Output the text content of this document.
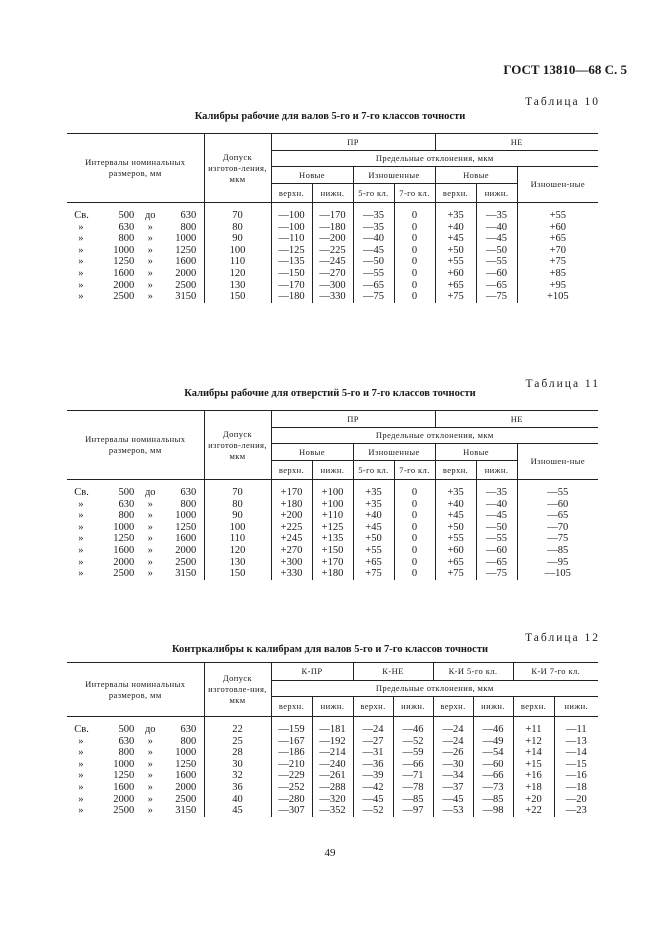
ГОСТ 13810—68 С. 5
Таблица 10
Калибры рабочие для валов 5-го и 7-го классов точности
Интервалы номинальных размеров, мм	Допуск изготов-ления, мкм	ПР				НЕ		
		Предельные отклонения, мкм						
		Новые		Изношенные		Новые		Изношен-ные
		верхн.	нижн.	5-го кл.	7-го кл.	верхн.	нижн.	

Св. 500 до 630	70	—100	—170	—35	0	+35	—35	+55
» 630 » 800	80	—100	—180	—35	0	+40	—40	+60
» 800 » 1000	90	—110	—200	—40	0	+45	—45	+65
» 1000 » 1250	100	—125	—225	—45	0	+50	—50	+70
» 1250 » 1600	110	—135	—245	—50	0	+55	—55	+75
» 1600 » 2000	120	—150	—270	—55	0	+60	—60	+85
» 2000 » 2500	130	—170	—300	—65	0	+65	—65	+95
» 2500 » 3150	150	—180	—330	—75	0	+75	—75	+105
Таблица 11
Калибры рабочие для отверстий 5-го и 7-го классов точности
Интервалы номинальных размеров, мм	Допуск изготов-ления, мкм	ПР				НЕ		
		Предельные отклонения, мкм						
		Новые		Изношенные		Новые		Изношен-ные
		верхн.	нижн.	5-го кл.	7-го кл.	верхн.	нижн.	

Св. 500 до 630	70	+170	+100	+35	0	+35	—35	—55
» 630 » 800	80	+180	+100	+35	0	+40	—40	—60
» 800 » 1000	90	+200	+110	+40	0	+45	—45	—65
» 1000 » 1250	100	+225	+125	+45	0	+50	—50	—70
» 1250 » 1600	110	+245	+135	+50	0	+55	—55	—75
» 1600 » 2000	120	+270	+150	+55	0	+60	—60	—85
» 2000 » 2500	130	+300	+170	+65	0	+65	—65	—95
» 2500 » 3150	150	+330	+180	+75	0	+75	—75	—105
Таблица 12
Контркалибры к калибрам для валов 5-го и 7-го классов точности
Интервалы номинальных размеров, мм	Допуск изготовле-ния, мкм	К-ПР		К-НЕ		К-И 5-го кл.		К-И 7-го кл.	
		Предельные отклонения, мкм							
		верхн.	нижн.	верхн.	нижн.	верхн.	нижн.	верхн.	нижн.

Св. 500 до 630	22	—159	—181	—24	—46	—24	—46	+11	—11
» 630 » 800	25	—167	—192	—27	—52	—24	—49	+12	—13
» 800 » 1000	28	—186	—214	—31	—59	—26	—54	+14	—14
» 1000 » 1250	30	—210	—240	—36	—66	—30	—60	+15	—15
» 1250 » 1600	32	—229	—261	—39	—71	—34	—66	+16	—16
» 1600 » 2000	36	—252	—288	—42	—78	—37	—73	+18	—18
» 2000 » 2500	40	—280	—320	—45	—85	—45	—85	+20	—20
» 2500 » 3150	45	—307	—352	—52	—97	—53	—98	+22	—23
49
